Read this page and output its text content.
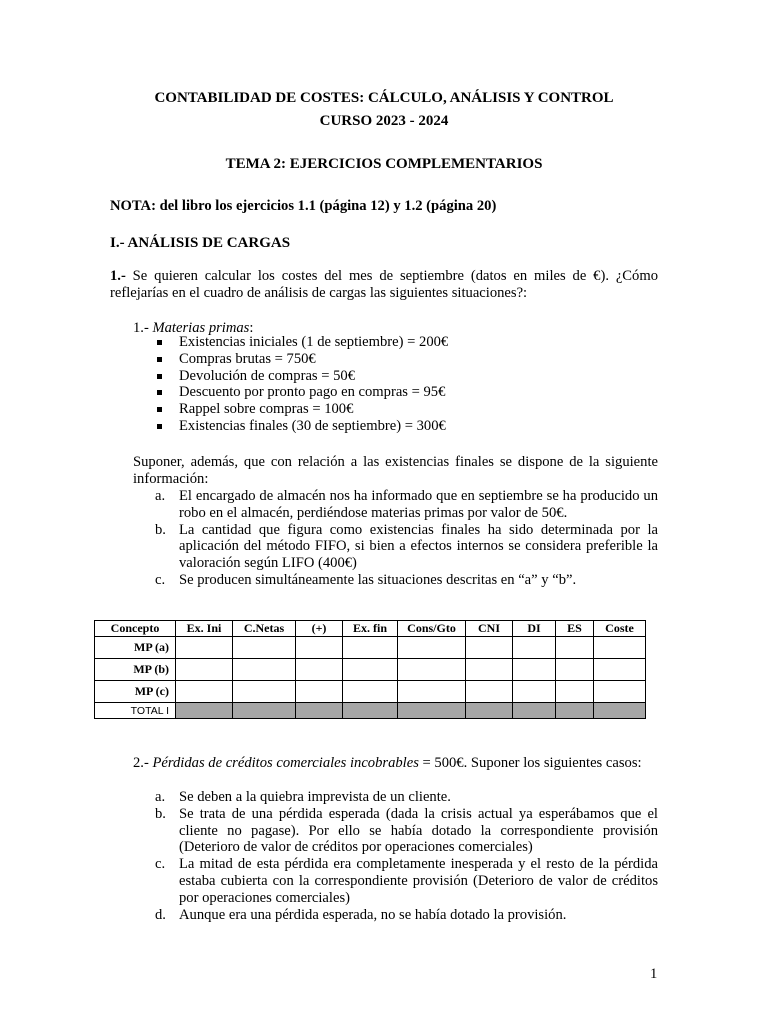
CONTABILIDAD DE COSTES: CÁLCULO, ANÁLISIS Y CONTROL
CURSO 2023 - 2024
TEMA 2: EJERCICIOS COMPLEMENTARIOS
NOTA: del libro los ejercicios 1.1 (página 12) y 1.2 (página 20)
I.- ANÁLISIS DE CARGAS
1.- Se quieren calcular los costes del mes de septiembre (datos en miles de €). ¿Cómo reflejarías en el cuadro de análisis de cargas las siguientes situaciones?:
1.- Materias primas:
Existencias iniciales (1 de septiembre) = 200€
Compras brutas = 750€
Devolución de compras = 50€
Descuento por pronto pago en compras = 95€
Rappel sobre compras = 100€
Existencias finales (30 de septiembre) = 300€
Suponer, además, que con relación a las existencias finales se dispone de la siguiente información:
a. El encargado de almacén nos ha informado que en septiembre se ha producido un robo en el almacén, perdiéndose materias primas por valor de 50€.
b. La cantidad que figura como existencias finales ha sido determinada por la aplicación del método FIFO, si bien a efectos internos se considera preferible la valoración según LIFO (400€)
c. Se producen simultáneamente las situaciones descritas en “a” y “b”.
Concepto	Ex. Ini	C.Netas	(+)	Ex. fin	Cons/Gto	CNI	DI	ES	Coste
MP (a)									
MP (b)									
MP (c)									
TOTAL I									
2.- Pérdidas de créditos comerciales incobrables = 500€. Suponer los siguientes casos:
a. Se deben a la quiebra imprevista de un cliente.
b. Se trata de una pérdida esperada (dada la crisis actual ya esperábamos que el cliente no pagase). Por ello se había dotado la correspondiente provisión (Deterioro de valor de créditos por operaciones comerciales)
c. La mitad de esta pérdida era completamente inesperada y el resto de la pérdida estaba cubierta con la correspondiente provisión (Deterioro de valor de créditos por operaciones comerciales)
d. Aunque era una pérdida esperada, no se había dotado la provisión.
1
